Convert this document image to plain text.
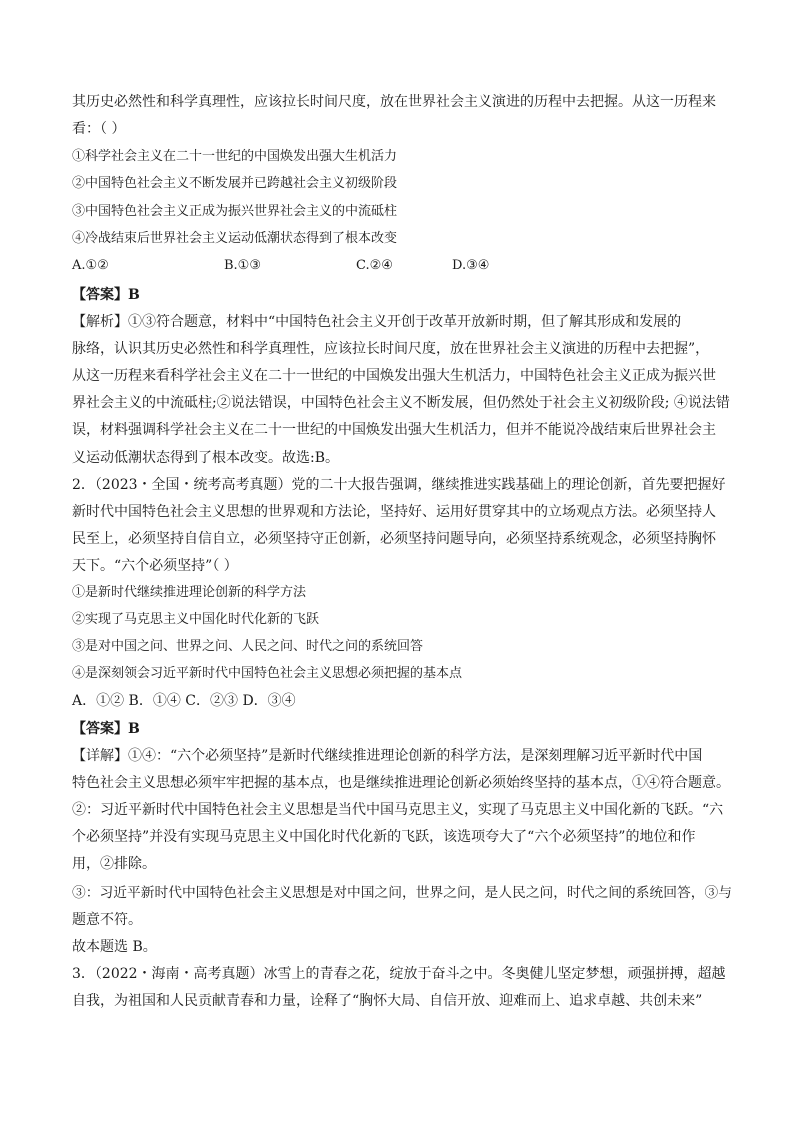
其历史必然性和科学真理性，应该拉长时间尺度，放在世界社会主义演进的历程中去把握。从这一历程来
看：（ ）
①科学社会主义在二十一世纪的中国焕发出强大生机活力
②中国特色社会主义不断发展并已跨越社会主义初级阶段
③中国特色社会主义正成为振兴世界社会主义的中流砥柱
④冷战结束后世界社会主义运动低潮状态得到了根本改变
A.①②	B.①③	C.②④	D.③④
【答案】B
【解析】①③符合题意，材料中“中国特色社会主义开创于改革开放新时期，但了解其形成和发展的
脉络，认识其历史必然性和科学真理性，应该拉长时间尺度，放在世界社会主义演进的历程中去把握”，
从这一历程来看科学社会主义在二十一世纪的中国焕发出强大生机活力，中国特色社会主义正成为振兴世
界社会主义的中流砥柱;②说法错误，中国特色社会主义不断发展，但仍然处于社会主义初级阶段; ④说法错
误，材料强调科学社会主义在二十一世纪的中国焕发出强大生机活力，但并不能说冷战结束后世界社会主
义运动低潮状态得到了根本改变。故选:B。
2．（2023・全国・统考高考真题）党的二十大报告强调，继续推进实践基础上的理论创新，首先要把握好
新时代中国特色社会主义思想的世界观和方法论，坚持好、运用好贯穿其中的立场观点方法。必须坚持人
民至上，必须坚持自信自立，必须坚持守正创新，必须坚持问题导向，必须坚持系统观念，必须坚持胸怀
天下。“六个必须坚持”（ ）
①是新时代继续推进理论创新的科学方法
②实现了马克思主义中国化时代化新的飞跃
③是对中国之问、世界之问、人民之问、时代之问的系统回答
④是深刻领会习近平新时代中国特色社会主义思想必须把握的基本点
A．①② B．①④ C．②③ D．③④
【答案】B
【详解】①④：“六个必须坚持”是新时代继续推进理论创新的科学方法，是深刻理解习近平新时代中国
特色社会主义思想必须牢牢把握的基本点，也是继续推进理论创新必须始终坚持的基本点，①④符合题意。
②：习近平新时代中国特色社会主义思想是当代中国马克思主义，实现了马克思主义中国化新的飞跃。“六
个必须坚持”并没有实现马克思主义中国化时代化新的飞跃，该选项夸大了“六个必须坚持”的地位和作
用，②排除。
③：习近平新时代中国特色社会主义思想是对中国之问，世界之问，是人民之问，时代之间的系统回答，③与
题意不符。
故本题选 B。
3．（2022・海南・高考真题）冰雪上的青春之花，绽放于奋斗之中。冬奥健儿坚定梦想，顽强拼搏，超越
自我，为祖国和人民贡献青春和力量，诠释了“胸怀大局、自信开放、迎难而上、追求卓越、共创未来”
